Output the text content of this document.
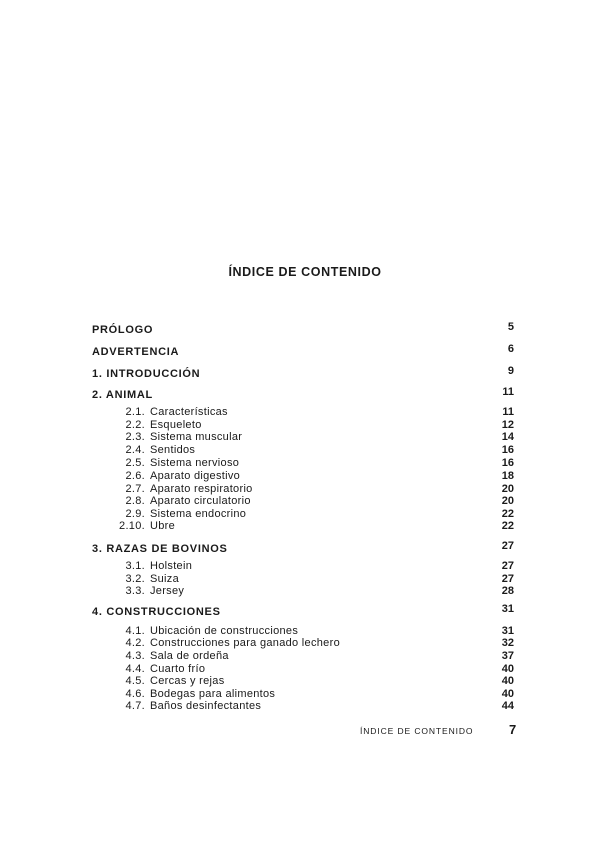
ÍNDICE DE CONTENIDO
PRÓLOGO	5
ADVERTENCIA	6
1. INTRODUCCIÓN	9
2. ANIMAL	11
2.1. Características	11
2.2. Esqueleto	12
2.3. Sistema muscular	14
2.4. Sentidos	16
2.5. Sistema nervioso	16
2.6. Aparato digestivo	18
2.7. Aparato respiratorio	20
2.8. Aparato circulatorio	20
2.9. Sistema endocrino	22
2.10. Ubre	22
3. RAZAS DE BOVINOS	27
3.1. Holstein	27
3.2. Suiza	27
3.3. Jersey	28
4. CONSTRUCCIONES	31
4.1. Ubicación de construcciones	31
4.2. Construcciones para ganado lechero	32
4.3. Sala de ordeña	37
4.4. Cuarto frío	40
4.5. Cercas y rejas	40
4.6. Bodegas para alimentos	40
4.7. Baños desinfectantes	44
ÍNDICE DE CONTENIDO	7
